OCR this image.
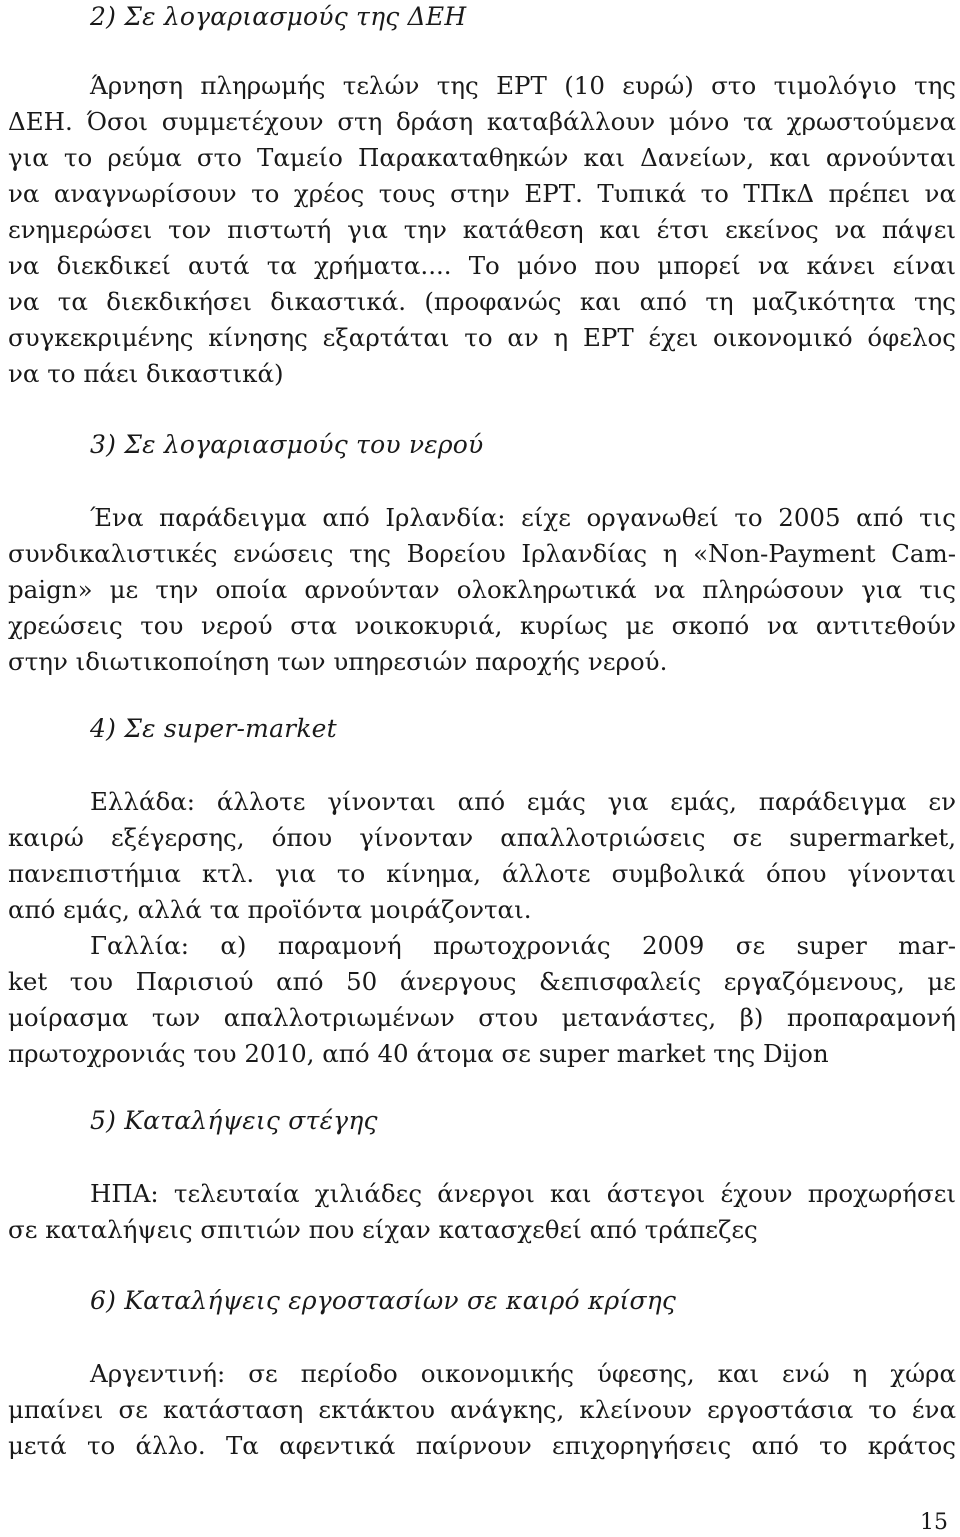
2) Σε λογαριασμούς της ΔΕΗ
Άρνηση πληρωμής τελών της ΕΡΤ (10 ευρώ) στο τιμολόγιο της
ΔΕΗ. Όσοι συμμετέχουν στη δράση καταβάλλουν μόνο τα χρωστούμενα
για το ρεύμα στο Ταμείο Παρακαταθηκών και Δανείων, και αρνούνται
να αναγνωρίσουν το χρέος τους στην ΕΡΤ. Τυπικά το ΤΠκΔ πρέπει να
ενημερώσει τον πιστωτή για την κατάθεση και έτσι εκείνος να πάψει
να διεκδικεί αυτά τα χρήματα.... Το μόνο που μπορεί να κάνει είναι
να τα διεκδικήσει δικαστικά. (προφανώς και από τη μαζικότητα της
συγκεκριμένης κίνησης εξαρτάται το αν η ΕΡΤ έχει οικονομικό όφελος
να το πάει δικαστικά)
3) Σε λογαριασμούς του νερού
Ένα παράδειγμα από Ιρλανδία: είχε οργανωθεί το 2005 από τις
συνδικαλιστικές ενώσεις της Βορείου Ιρλανδίας η «Non-Payment Cam-
paign» με την οποία αρνούνταν ολοκληρωτικά να πληρώσουν για τις
χρεώσεις του νερού στα νοικοκυριά, κυρίως με σκοπό να αντιτεθούν
στην ιδιωτικοποίηση των υπηρεσιών παροχής νερού.
4) Σε super-market
Ελλάδα: άλλοτε γίνονται από εμάς για εμάς, παράδειγμα εν
καιρώ εξέγερσης, όπου γίνονταν απαλλοτριώσεις σε supermarket,
πανεπιστήμια κτλ. για το κίνημα, άλλοτε συμβολικά όπου γίνονται
από εμάς, αλλά τα προϊόντα μοιράζονται.
Γαλλία: α) παραμονή πρωτοχρονιάς 2009 σε super mar-
ket του Παρισιού από 50 άνεργους &επισφαλείς εργαζόμενους, με
μοίρασμα των απαλλοτριωμένων στου μετανάστες, β) προπαραμονή
πρωτοχρονιάς του 2010, από 40 άτομα σε super market της Dijon
5) Καταλήψεις στέγης
ΗΠΑ: τελευταία χιλιάδες άνεργοι και άστεγοι έχουν προχωρήσει
σε καταλήψεις σπιτιών που είχαν κατασχεθεί από τράπεζες
6) Καταλήψεις εργοστασίων σε καιρό κρίσης
Αργεντινή: σε περίοδο οικονομικής ύφεσης, και ενώ η χώρα
μπαίνει σε κατάσταση εκτάκτου ανάγκης, κλείνουν εργοστάσια το ένα
μετά το άλλο. Τα αφεντικά παίρνουν επιχορηγήσεις από το κράτος
15
